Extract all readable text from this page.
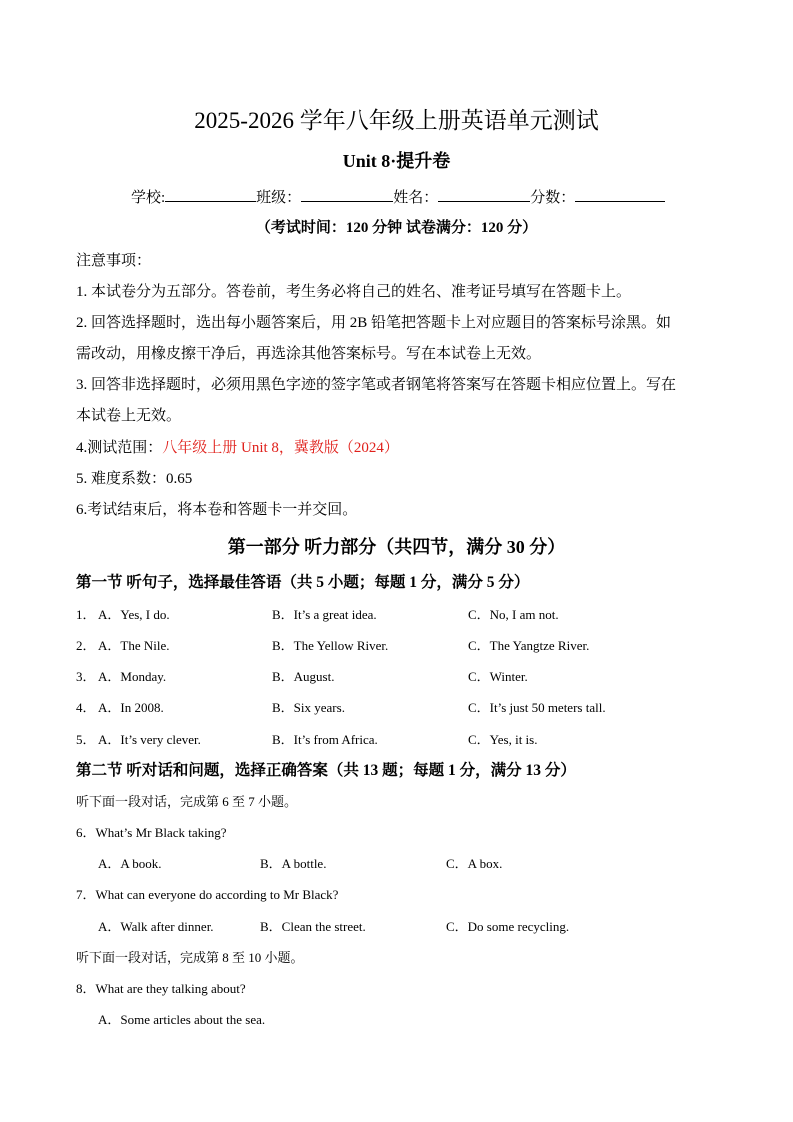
2025-2026 学年八年级上册英语单元测试
Unit 8·提升卷
学校:	班级：	姓名：	分数：
（考试时间：120 分钟 试卷满分：120 分）
注意事项：
1. 本试卷分为五部分。答卷前，考生务必将自己的姓名、准考证号填写在答题卡上。
2. 回答选择题时，选出每小题答案后，用 2B 铅笔把答题卡上对应题目的答案标号涂黑。如
需改动，用橡皮擦干净后，再选涂其他答案标号。写在本试卷上无效。
3. 回答非选择题时，必须用黑色字迹的签字笔或者钢笔将答案写在答题卡相应位置上。写在
本试卷上无效。
4.测试范围：八年级上册 Unit 8，冀教版（2024）
5. 难度系数：0.65
6.考试结束后，将本卷和答题卡一并交回。
第一部分 听力部分（共四节，满分 30 分）
第一节 听句子，选择最佳答语（共 5 小题；每题 1 分，满分 5 分）
1． A．Yes, I do.	B．It’s a great idea.	C．No, I am not.
2． A．The Nile.	B．The Yellow River.	C．The Yangtze River.
3． A．Monday.	B．August.	C．Winter.
4． A．In 2008.	B．Six years.	C．It’s just 50 meters tall.
5． A．It’s very clever.	B．It’s from Africa.	C．Yes, it is.
第二节 听对话和问题，选择正确答案（共 13 题；每题 1 分，满分 13 分）
听下面一段对话，完成第 6 至 7 小题。
6．What’s Mr Black taking?
A．A book.	B．A bottle.	C．A box.
7．What can everyone do according to Mr Black?
A．Walk after dinner.	B．Clean the street.	C．Do some recycling.
听下面一段对话，完成第 8 至 10 小题。
8．What are they talking about?
A．Some articles about the sea.
